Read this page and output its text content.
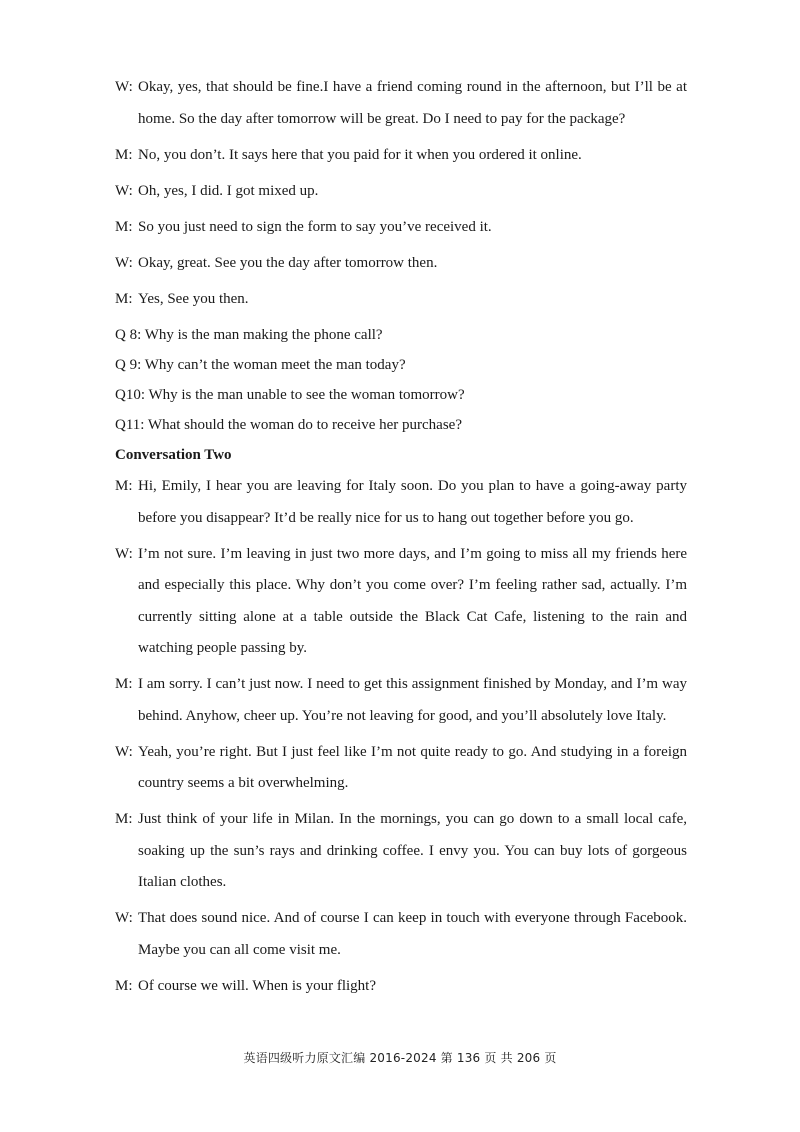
W: Okay, yes, that should be fine.I have a friend coming round in the afternoon, but I’ll be at home. So the day after tomorrow will be great. Do I need to pay for the package?
M: No, you don’t. It says here that you paid for it when you ordered it online.
W: Oh, yes, I did. I got mixed up.
M: So you just need to sign the form to say you’ve received it.
W: Okay, great. See you the day after tomorrow then.
M: Yes, See you then.
Q 8: Why is the man making the phone call?
Q 9: Why can’t the woman meet the man today?
Q10: Why is the man unable to see the woman tomorrow?
Q11: What should the woman do to receive her purchase?
Conversation Two
M: Hi, Emily, I hear you are leaving for Italy soon. Do you plan to have a going-away party before you disappear? It’d be really nice for us to hang out together before you go.
W: I’m not sure. I’m leaving in just two more days, and I’m going to miss all my friends here and especially this place. Why don’t you come over? I’m feeling rather sad, actually. I’m currently sitting alone at a table outside the Black Cat Cafe, listening to the rain and watching people passing by.
M: I am sorry. I can’t just now. I need to get this assignment finished by Monday, and I’m way behind. Anyhow, cheer up. You’re not leaving for good, and you’ll absolutely love Italy.
W: Yeah, you’re right. But I just feel like I’m not quite ready to go. And studying in a foreign country seems a bit overwhelming.
M: Just think of your life in Milan. In the mornings, you can go down to a small local cafe, soaking up the sun’s rays and drinking coffee. I envy you. You can buy lots of gorgeous Italian clothes.
W: That does sound nice. And of course I can keep in touch with everyone through Facebook. Maybe you can all come visit me.
M: Of course we will. When is your flight?
英语四级听力原文汇编 2016-2024 第 136 页 共 206 页
